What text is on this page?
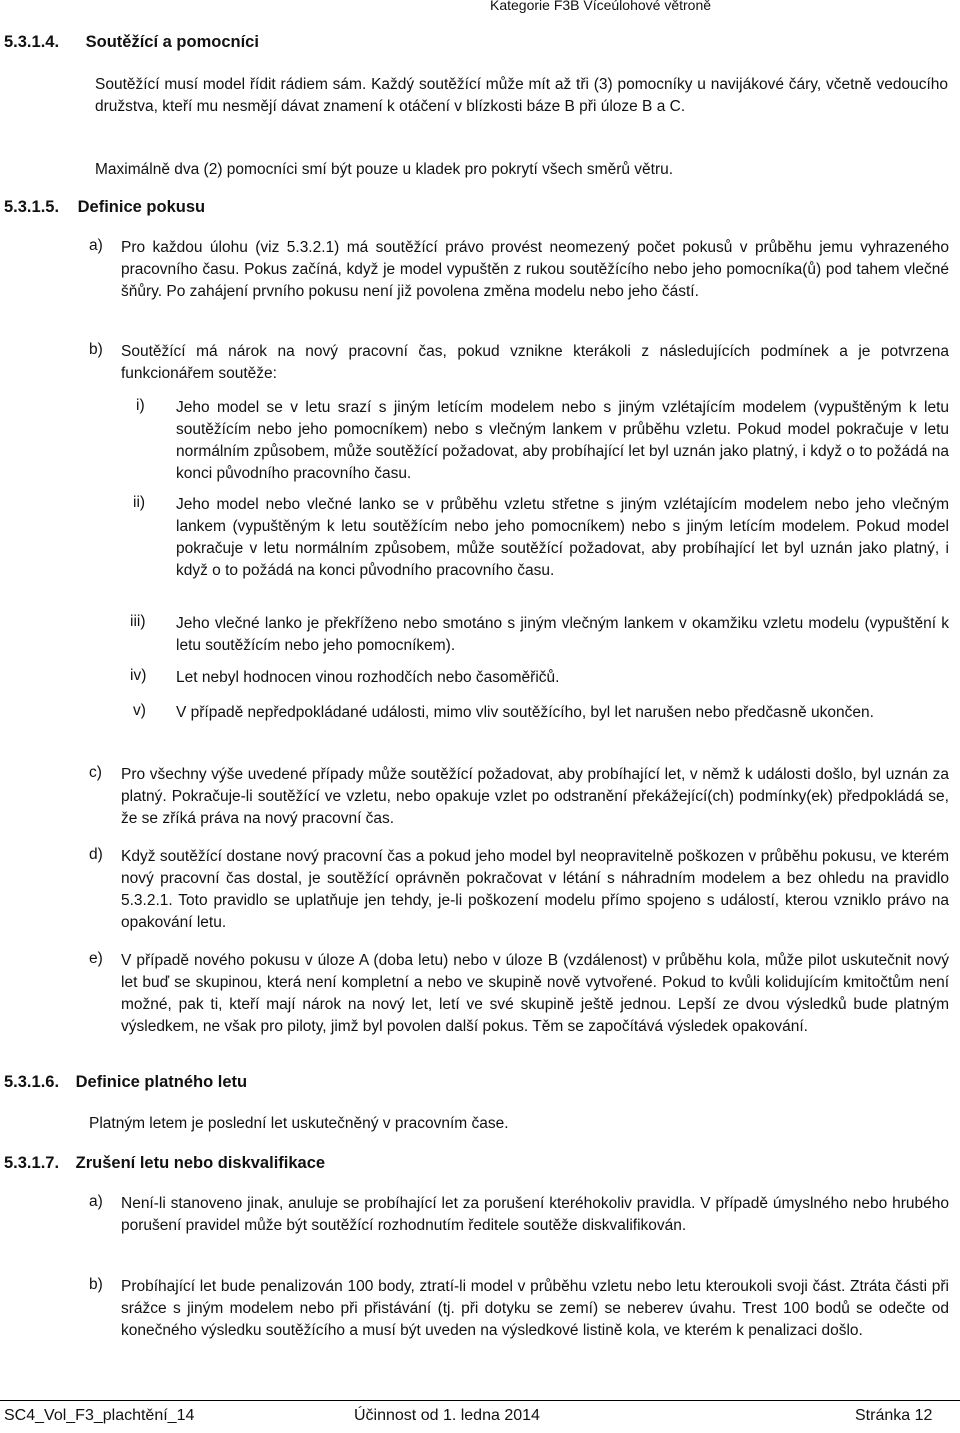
Kategorie F3B Víceúlohové větroně
5.3.1.4. Soutěžící a pomocníci
Soutěžící musí model řídit rádiem sám. Každý soutěžící může mít až tři (3) pomocníky u navijákové čáry, včetně vedoucího družstva, kteří mu nesmějí dávat znamení k otáčení v blízkosti báze B při úloze B a C.
Maximálně dva (2) pomocníci smí být pouze u kladek pro pokrytí všech směrů větru.
5.3.1.5. Definice pokusu
a) Pro každou úlohu (viz 5.3.2.1) má soutěžící právo provést neomezený počet pokusů v průběhu jemu vyhrazeného pracovního času. Pokus začíná, když je model vypuštěn z rukou soutěžícího nebo jeho pomocníka(ů) pod tahem vlečné šňůry. Po zahájení prvního pokusu není již povolena změna modelu nebo jeho částí.
b) Soutěžící má nárok na nový pracovní čas, pokud vznikne kterákoli z následujících podmínek a je potvrzena funkcionářem soutěže:
i) Jeho model se v letu srazí s jiným letícím modelem nebo s jiným vzlétajícím modelem (vypuštěným k letu soutěžícím nebo jeho pomocníkem) nebo s vlečným lankem v průběhu vzletu. Pokud model pokračuje v letu normálním způsobem, může soutěžící požadovat, aby probíhající let byl uznán jako platný, i když o to požádá na konci původního pracovního času.
ii) Jeho model nebo vlečné lanko se v průběhu vzletu střetne s jiným vzlétajícím modelem nebo jeho vlečným lankem (vypuštěným k letu soutěžícím nebo jeho pomocníkem) nebo s jiným letícím modelem. Pokud model pokračuje v letu normálním způsobem, může soutěžící požadovat, aby probíhající let byl uznán jako platný, i když o to požádá na konci původního pracovního času.
iii) Jeho vlečné lanko je překříženo nebo smotáno s jiným vlečným lankem v okamžiku vzletu modelu (vypuštění k letu soutěžícím nebo jeho pomocníkem).
iv) Let nebyl hodnocen vinou rozhodčích nebo časoměřičů.
v) V případě nepředpokládané události, mimo vliv soutěžícího, byl let narušen nebo předčasně ukončen.
c) Pro všechny výše uvedené případy může soutěžící požadovat, aby probíhající let, v němž k události došlo, byl uznán za platný. Pokračuje-li soutěžící ve vzletu, nebo opakuje vzlet po odstranění překážející(ch) podmínky(ek) předpokládá se, že se zříká práva na nový pracovní čas.
d) Když soutěžící dostane nový pracovní čas a pokud jeho model byl neopravitelně poškozen v průběhu pokusu, ve kterém nový pracovní čas dostal, je soutěžící oprávněn pokračovat v létání s náhradním modelem a bez ohledu na pravidlo 5.3.2.1. Toto pravidlo se uplatňuje jen tehdy, je-li poškození modelu přímo spojeno s událostí, kterou vzniklo právo na opakování letu.
e) V případě nového pokusu v úloze A (doba letu) nebo v úloze B (vzdálenost) v průběhu kola, může pilot uskutečnit nový let buď se skupinou, která není kompletní a nebo ve skupině nově vytvořené. Pokud to kvůli kolidujícím kmitočtům není možné, pak ti, kteří mají nárok na nový let, letí ve své skupině ještě jednou. Lepší ze dvou výsledků bude platným výsledkem, ne však pro piloty, jimž byl povolen další pokus. Těm se započítává výsledek opakování.
5.3.1.6. Definice platného letu
Platným letem je poslední let uskutečněný v pracovním čase.
5.3.1.7. Zrušení letu nebo diskvalifikace
a) Není-li stanoveno jinak, anuluje se probíhající let za porušení kteréhokoliv pravidla. V případě úmyslného nebo hrubého porušení pravidel může být soutěžící rozhodnutím ředitele soutěže diskvalifikován.
b) Probíhající let bude penalizován 100 body, ztratí-li model v průběhu vzletu nebo letu kteroukoli svoji část. Ztráta části při srážce s jiným modelem nebo při přistávání (tj. při dotyku se zemí) se neberev úvahu. Trest 100 bodů se odečte od konečného výsledku soutěžícího a musí být uveden na výsledkové listině kola, ve kterém k penalizaci došlo.
SC4_Vol_F3_plachtění_14	Účinnost od 1. ledna 2014	Stránka 12
